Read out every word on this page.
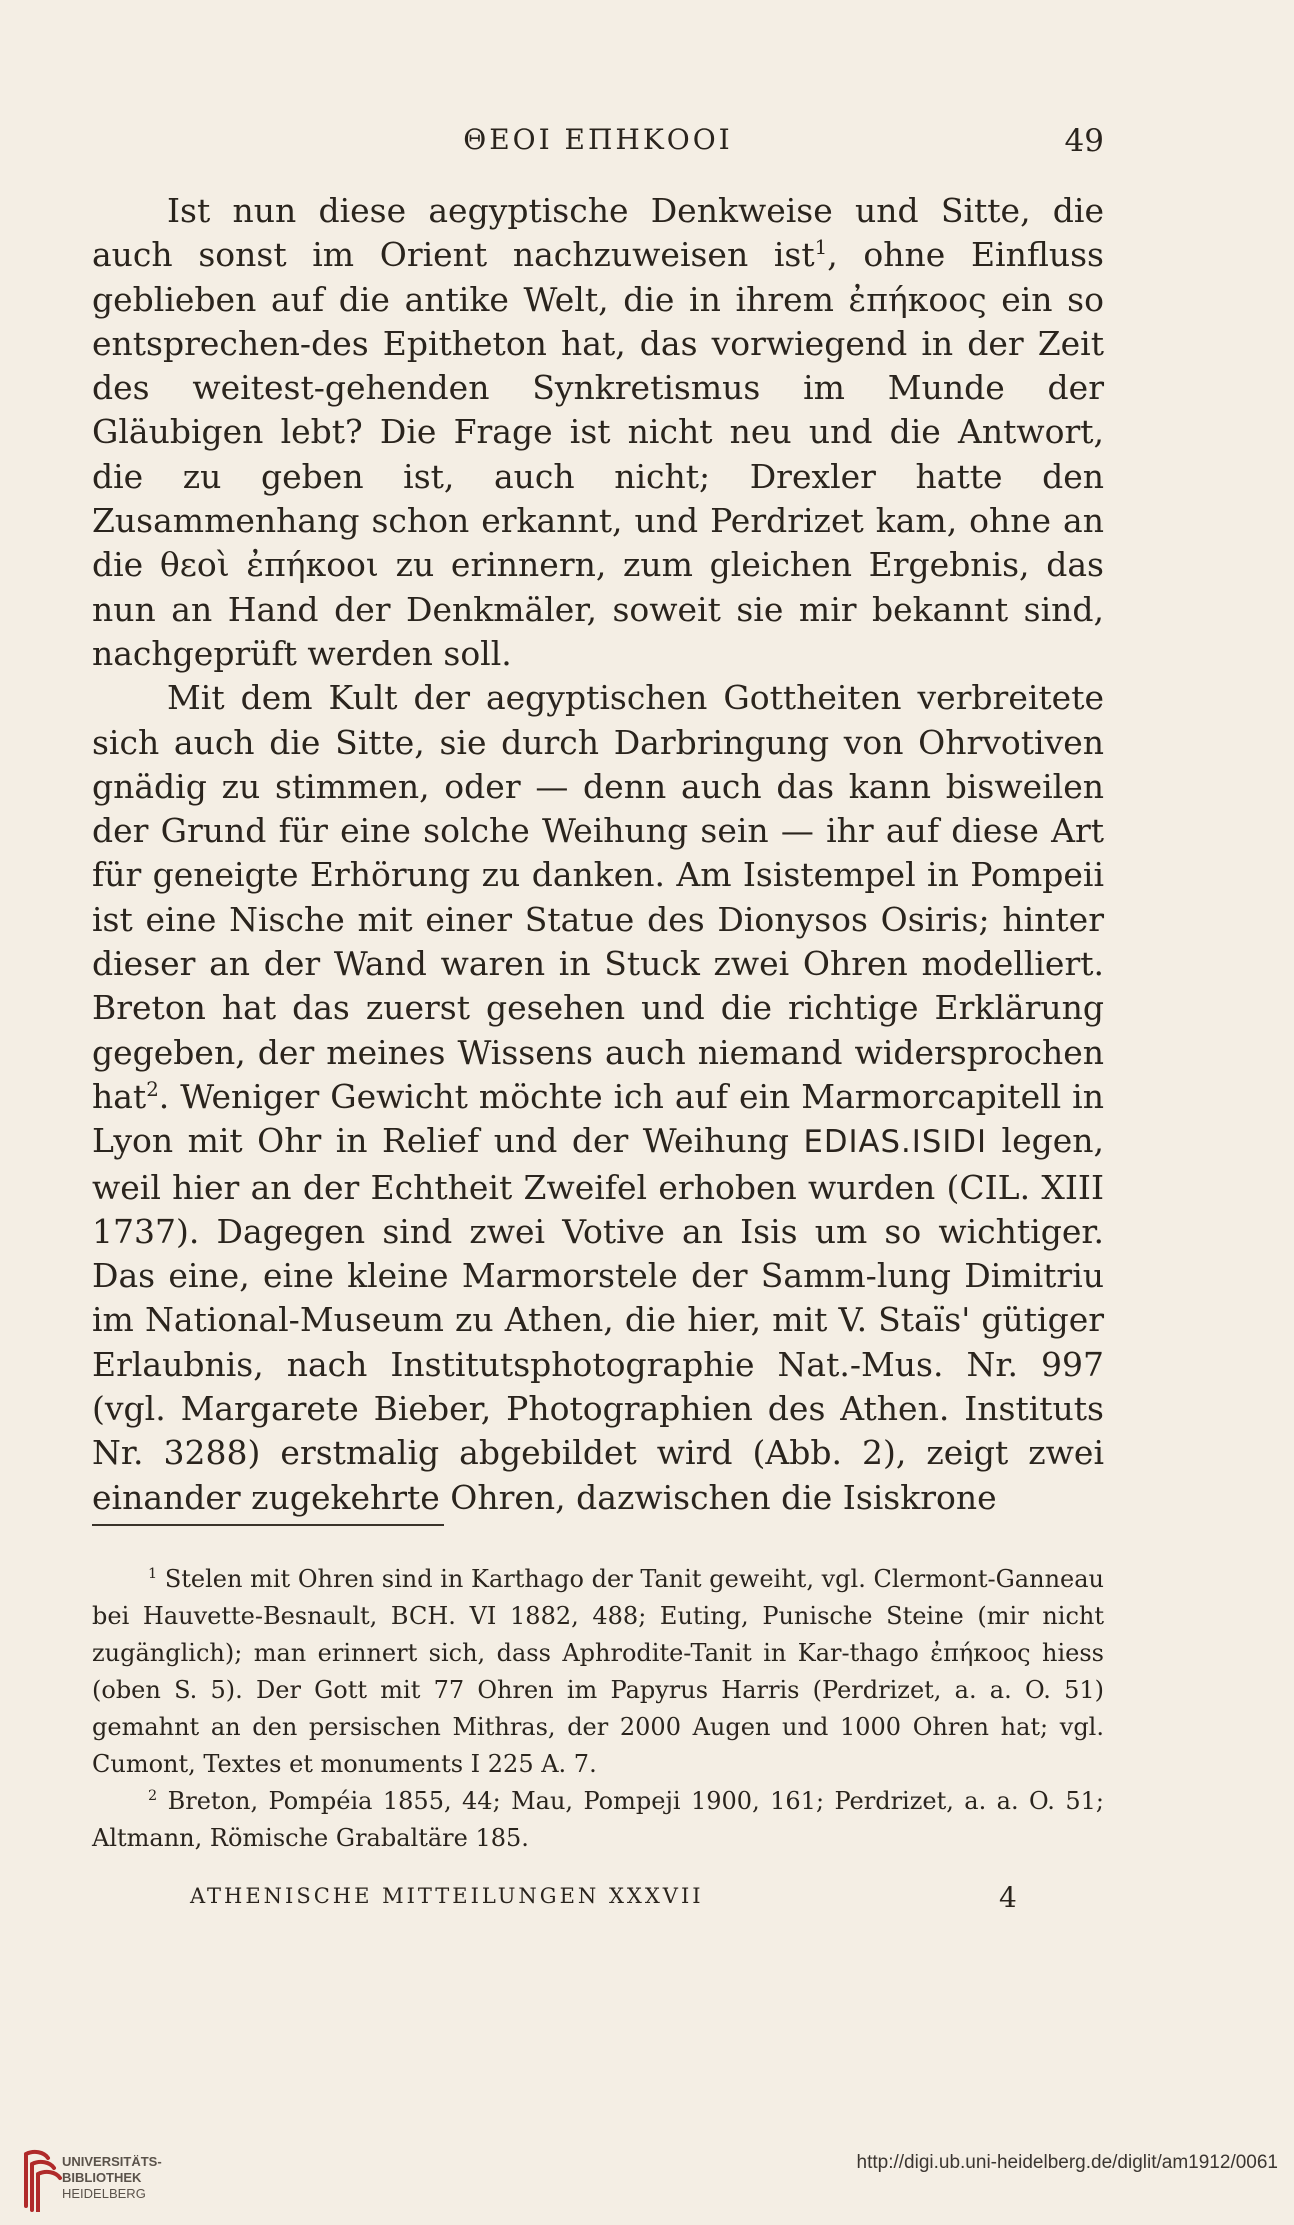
ΘΕΟΙ ΕΠΗΚΟΟΙ	49

Ist nun diese aegyptische Denkweise und Sitte, die auch sonst im Orient nachzuweisen ist$^1$, ohne Einfluss geblieben auf die antike Welt, die in ihrem ἐπήκοος ein so entsprechen-des Epitheton hat, das vorwiegend in der Zeit des weitest-gehenden Synkretismus im Munde der Gläubigen lebt? Die Frage ist nicht neu und die Antwort, die zu geben ist, auch nicht; Drexler hatte den Zusammenhang schon erkannt, und Perdrizet kam, ohne an die θεοὶ ἐπήκοοι zu erinnern, zum gleichen Ergebnis, das nun an Hand der Denkmäler, soweit sie mir bekannt sind, nachgeprüft werden soll.

Mit dem Kult der aegyptischen Gottheiten verbreitete sich auch die Sitte, sie durch Darbringung von Ohrvotiven gnädig zu stimmen, oder — denn auch das kann bisweilen der Grund für eine solche Weihung sein — ihr auf diese Art für geneigte Erhörung zu danken. Am Isistempel in Pompeii ist eine Nische mit einer Statue des Dionysos Osiris; hinter dieser an der Wand waren in Stuck zwei Ohren modelliert. Breton hat das zuerst gesehen und die richtige Erklärung gegeben, der meines Wissens auch niemand widersprochen hat$^2$. Weniger Gewicht möchte ich auf ein Marmorcapitell in Lyon mit Ohr in Relief und der Weihung EDIAS.ISIDI legen, weil hier an der Echtheit Zweifel erhoben wurden (CIL. XIII 1737). Dagegen sind zwei Votive an Isis um so wichtiger. Das eine, eine kleine Marmorstele der Samm-lung Dimitriu im National-Museum zu Athen, die hier, mit V. Staïs' gütiger Erlaubnis, nach Institutsphotographie Nat.-Mus. Nr. 997 (vgl. Margarete Bieber, Photographien des Athen. Instituts Nr. 3288) erstmalig abgebildet wird (Abb. 2), zeigt zwei einander zugekehrte Ohren, dazwischen die Isiskrone

$^1$ Stelen mit Ohren sind in Karthago der Tanit geweiht, vgl. Clermont-Ganneau bei Hauvette-Besnault, BCH. VI 1882, 488; Euting, Punische Steine (mir nicht zugänglich); man erinnert sich, dass Aphrodite-Tanit in Kar-thago ἐπήκοος hiess (oben S. 5). Der Gott mit 77 Ohren im Papyrus Harris (Perdrizet, a. a. O. 51) gemahnt an den persischen Mithras, der 2000 Augen und 1000 Ohren hat; vgl. Cumont, Textes et monuments I 225 A. 7.

$^2$ Breton, Pompéia 1855, 44; Mau, Pompeji 1900, 161; Perdrizet, a. a. O. 51; Altmann, Römische Grabaltäre 185.

ATHENISCHE MITTEILUNGEN XXXVII	4
UNIVERSITÄTS-
BIBLIOTHEK
HEIDELBERG
http://digi.ub.uni-heidelberg.de/diglit/am1912/0061
